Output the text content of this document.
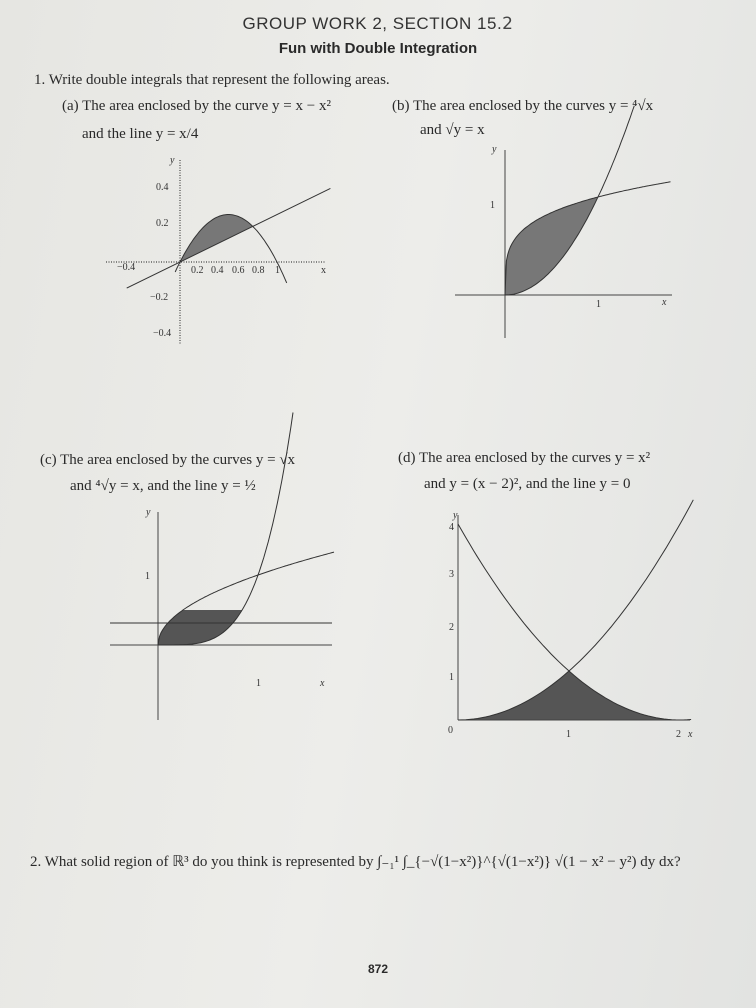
GROUP WORK 2, SECTION 15.2
Fun with Double Integration
1. Write double integrals that represent the following areas.
(a) The area enclosed by the curve y = x − x²
and the line y = x/4
(b) The area enclosed by the curves y = ⁴√x
and √y = x
(c) The area enclosed by the curves y = √x
and ⁴√y = x, and the line y = ½
(d) The area enclosed by the curves y = x²
and y = (x − 2)², and the line y = 0
y
x
0.2 0.4 0.6 0.8 1
−0.4
0.4
0.2
−0.2
−0.4
y
x
1
1
y
x
1
1
y
x
1	2
4
3
2
1
0
2. What solid region of ℝ³ do you think is represented by ∫₋₁¹ ∫_{−√(1−x²)}^{√(1−x²)} √(1 − x² − y²) dy dx?
872
